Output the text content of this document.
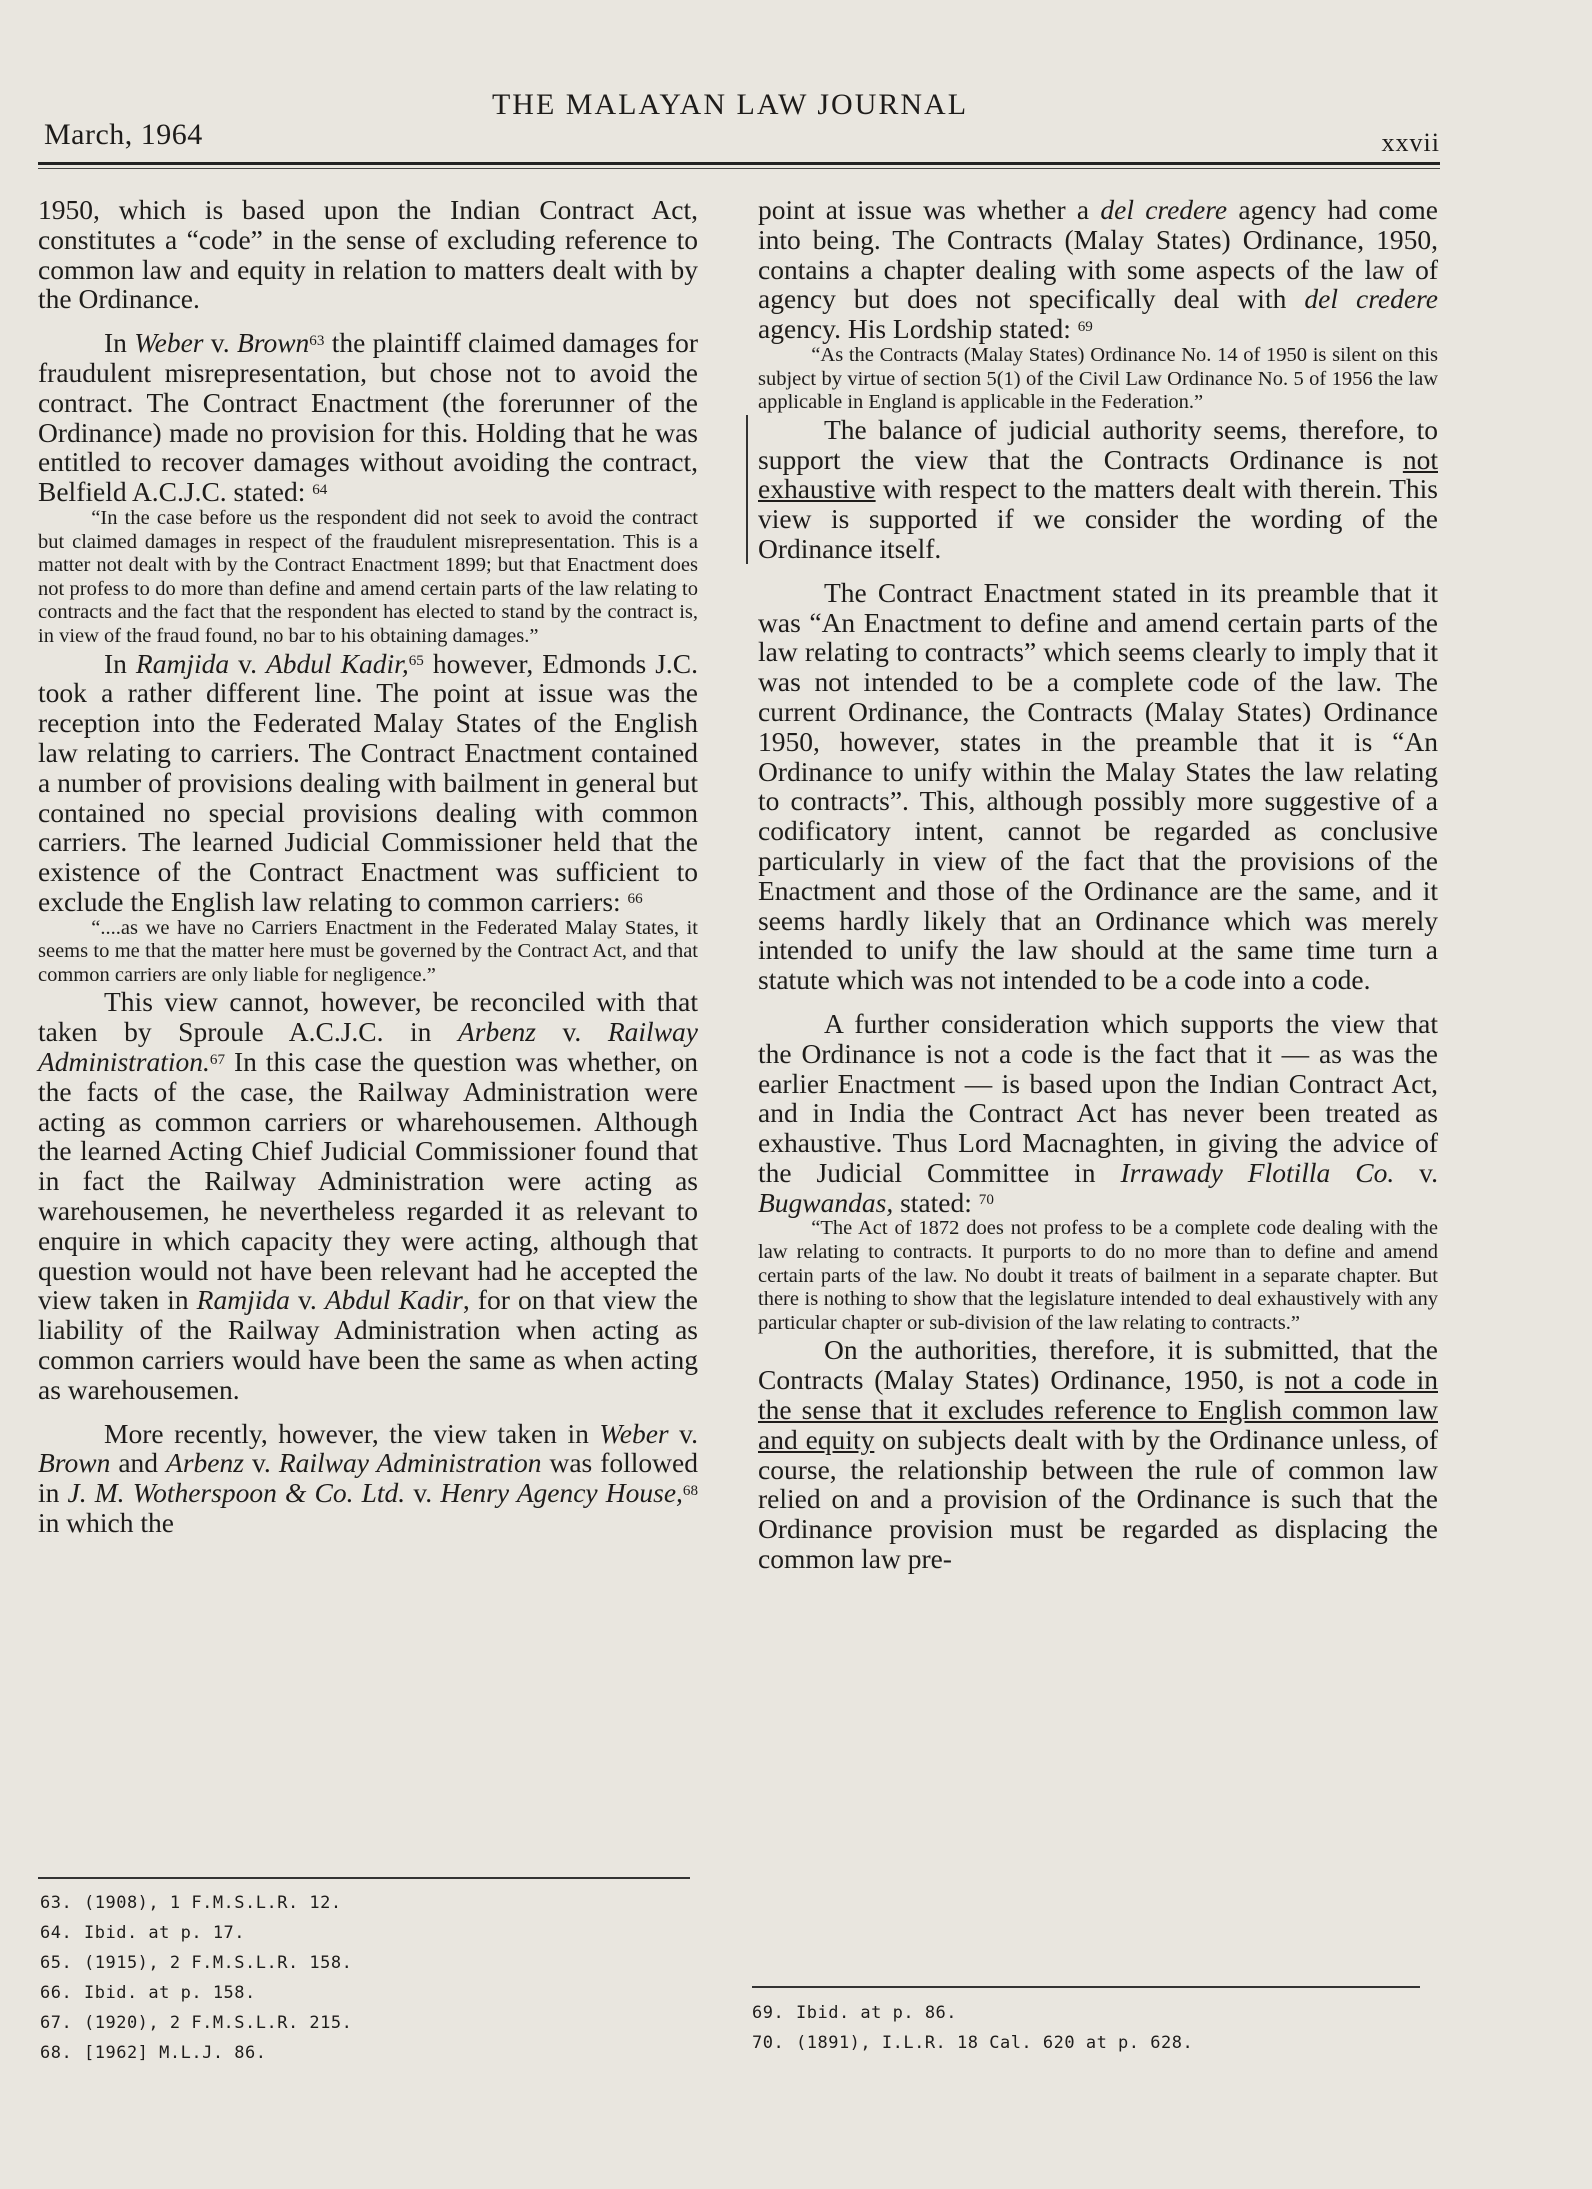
March, 1964
THE MALAYAN LAW JOURNAL
xxvii

1950, which is based upon the Indian Contract Act, constitutes a “code” in the sense of excluding reference to common law and equity in relation to matters dealt with by the Ordinance.

In Weber v. Brown$^{63}$ the plaintiff claimed damages for fraudulent misrepresentation, but chose not to avoid the contract. The Contract Enactment (the forerunner of the Ordinance) made no provision for this. Holding that he was entitled to recover damages without avoiding the contract, Belfield A.C.J.C. stated: $^{64}$

“In the case before us the respondent did not seek to avoid the contract but claimed damages in respect of the fraudulent misrepresentation. This is a matter not dealt with by the Contract Enactment 1899; but that Enactment does not profess to do more than define and amend certain parts of the law relating to contracts and the fact that the respondent has elected to stand by the contract is, in view of the fraud found, no bar to his obtaining damages.”

In Ramjida v. Abdul Kadir,$^{65}$ however, Edmonds J.C. took a rather different line. The point at issue was the reception into the Federated Malay States of the English law relating to carriers. The Contract Enactment contained a number of provisions dealing with bailment in general but contained no special provisions dealing with common carriers. The learned Judicial Commissioner held that the existence of the Contract Enactment was sufficient to exclude the English law relating to common carriers: $^{66}$

“....as we have no Carriers Enactment in the Federated Malay States, it seems to me that the matter here must be governed by the Contract Act, and that common carriers are only liable for negligence.”

This view cannot, however, be reconciled with that taken by Sproule A.C.J.C. in Arbenz v. Railway Administration.$^{67}$ In this case the question was whether, on the facts of the case, the Railway Administration were acting as common carriers or wharehousemen. Although the learned Acting Chief Judicial Commissioner found that in fact the Railway Administration were acting as warehousemen, he nevertheless regarded it as relevant to enquire in which capacity they were acting, although that question would not have been relevant had he accepted the view taken in Ramjida v. Abdul Kadir, for on that view the liability of the Railway Administration when acting as common carriers would have been the same as when acting as warehousemen.

More recently, however, the view taken in Weber v. Brown and Arbenz v. Railway Administration was followed in J. M. Wotherspoon & Co. Ltd. v. Henry Agency House,$^{68}$ in which the

point at issue was whether a del credere agency had come into being. The Contracts (Malay States) Ordinance, 1950, contains a chapter dealing with some aspects of the law of agency but does not specifically deal with del credere agency. His Lordship stated: $^{69}$

“As the Contracts (Malay States) Ordinance No. 14 of 1950 is silent on this subject by virtue of section 5(1) of the Civil Law Ordinance No. 5 of 1956 the law applicable in England is applicable in the Federation.”

The balance of judicial authority seems, therefore, to support the view that the Contracts Ordinance is not exhaustive with respect to the matters dealt with therein. This view is supported if we consider the wording of the Ordinance itself.

The Contract Enactment stated in its preamble that it was “An Enactment to define and amend certain parts of the law relating to contracts” which seems clearly to imply that it was not intended to be a complete code of the law. The current Ordinance, the Contracts (Malay States) Ordinance 1950, however, states in the preamble that it is “An Ordinance to unify within the Malay States the law relating to contracts”. This, although possibly more suggestive of a codificatory intent, cannot be regarded as conclusive particularly in view of the fact that the provisions of the Enactment and those of the Ordinance are the same, and it seems hardly likely that an Ordinance which was merely intended to unify the law should at the same time turn a statute which was not intended to be a code into a code.

A further consideration which supports the view that the Ordinance is not a code is the fact that it — as was the earlier Enactment — is based upon the Indian Contract Act, and in India the Contract Act has never been treated as exhaustive. Thus Lord Macnaghten, in giving the advice of the Judicial Committee in Irrawady Flotilla Co. v. Bugwandas, stated: $^{70}$

“The Act of 1872 does not profess to be a complete code dealing with the law relating to contracts. It purports to do no more than to define and amend certain parts of the law. No doubt it treats of bailment in a separate chapter. But there is nothing to show that the legislature intended to deal exhaustively with any particular chapter or sub-division of the law relating to contracts.”

On the authorities, therefore, it is submitted, that the Contracts (Malay States) Ordinance, 1950, is not a code in the sense that it excludes reference to English common law and equity on subjects dealt with by the Ordinance unless, of course, the relationship between the rule of common law relied on and a provision of the Ordinance is such that the Ordinance provision must be regarded as displacing the common law pre-

63. (1908), 1 F.M.S.L.R. 12.
64. Ibid. at p. 17.
65. (1915), 2 F.M.S.L.R. 158.
66. Ibid. at p. 158.
67. (1920), 2 F.M.S.L.R. 215.
68. [1962] M.L.J. 86.
69. Ibid. at p. 86.
70. (1891), I.L.R. 18 Cal. 620 at p. 628.
